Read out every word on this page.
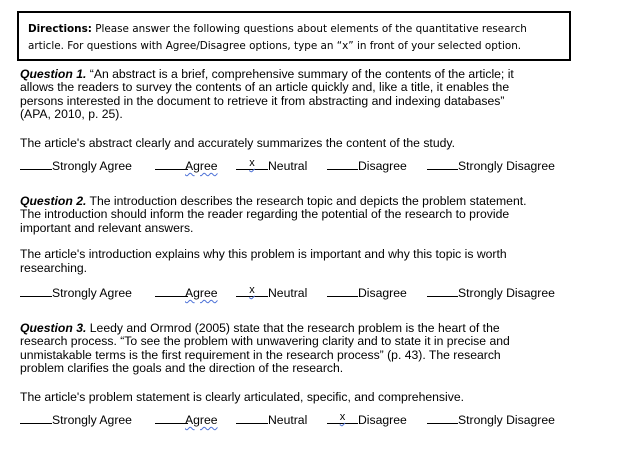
Directions: Please answer the following questions about elements of the quantitative research
article. For questions with Agree/Disagree options, type an “x” in front of your selected option.
Question 1. “An abstract is a brief, comprehensive summary of the contents of the article; it
allows the readers to survey the contents of an article quickly and, like a title, it enables the
persons interested in the document to retrieve it from abstracting and indexing databases”
(APA, 2010, p. 25).
The article's abstract clearly and accurately summarizes the content of the study.
Strongly Agree	Agree	x	Neutral	Disagree	Strongly Disagree
Question 2. The introduction describes the research topic and depicts the problem statement.
The introduction should inform the reader regarding the potential of the research to provide
important and relevant answers.
The article's introduction explains why this problem is important and why this topic is worth
researching.
Strongly Agree	Agree	x	Neutral	Disagree	Strongly Disagree
Question 3. Leedy and Ormrod (2005) state that the research problem is the heart of the
research process. “To see the problem with unwavering clarity and to state it in precise and
unmistakable terms is the first requirement in the research process” (p. 43). The research
problem clarifies the goals and the direction of the research.
The article's problem statement is clearly articulated, specific, and comprehensive.
Strongly Agree	Agree	Neutral	x	Disagree	Strongly Disagree
